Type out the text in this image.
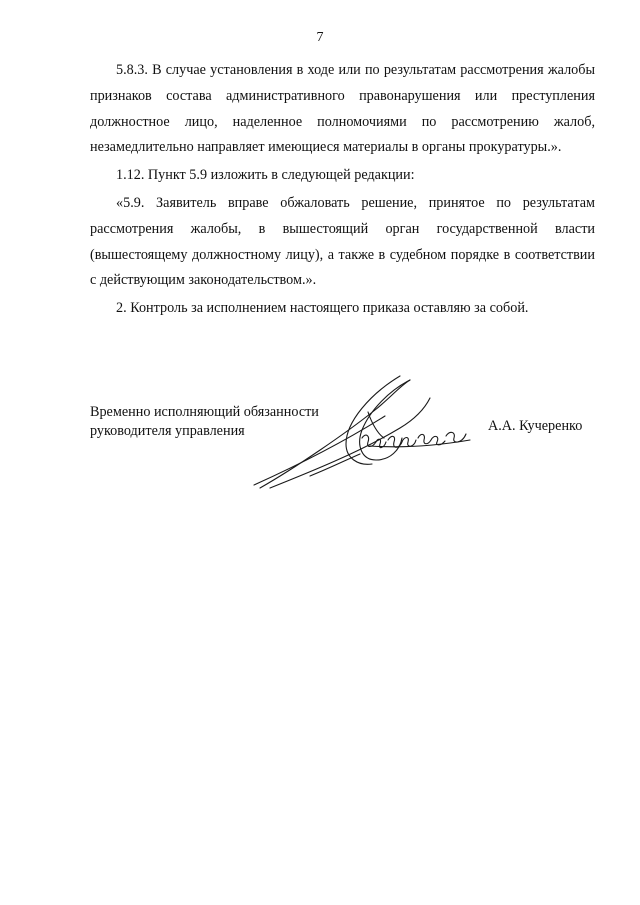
7

5.8.3. В случае установления в ходе или по результатам рассмотрения жалобы признаков состава административного правонарушения или преступления должностное лицо, наделенное полномочиями по рассмотрению жалоб, незамедлительно направляет имеющиеся материалы в органы прокуратуры.».

1.12. Пункт 5.9 изложить в следующей редакции:

«5.9. Заявитель вправе обжаловать решение, принятое по результатам рассмотрения жалобы, в вышестоящий орган государственной власти (вышестоящему должностному лицу), а также в судебном порядке в соответствии с действующим законодательством.».

2. Контроль за исполнением настоящего приказа оставляю за собой.

Временно исполняющий обязанности
руководителя управления	А.А. Кучеренко
